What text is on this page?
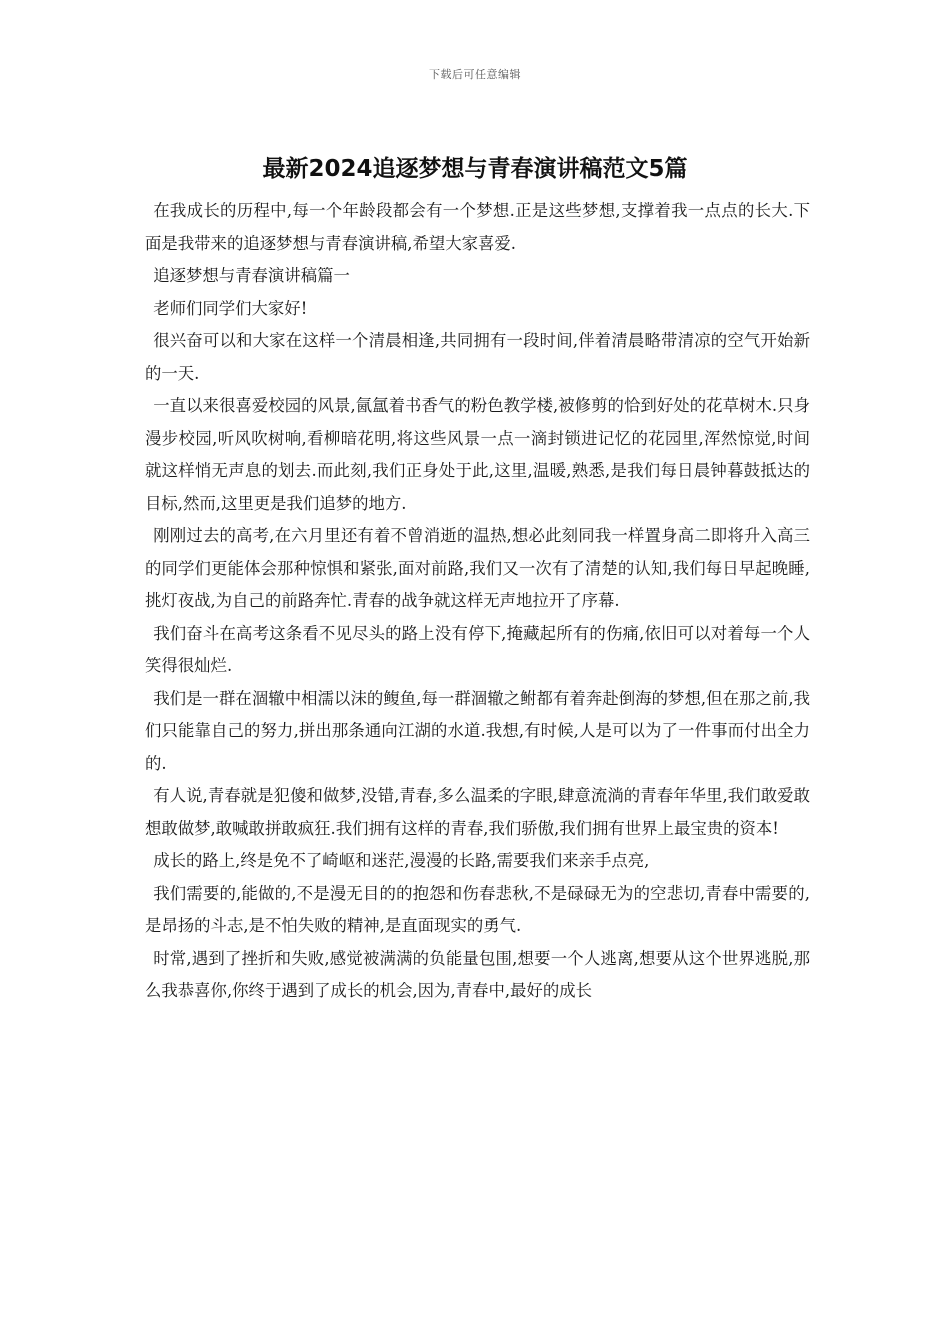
下载后可任意编辑
最新2024追逐梦想与青春演讲稿范文5篇

在我成长的历程中,每一个年龄段都会有一个梦想.正是这些梦想,支撑着我一点点的长大.下面是我带来的追逐梦想与青春演讲稿,希望大家喜爱.

追逐梦想与青春演讲稿篇一

老师们同学们大家好!

很兴奋可以和大家在这样一个清晨相逢,共同拥有一段时间,伴着清晨略带清凉的空气开始新的一天.

一直以来很喜爱校园的风景,氤氲着书香气的粉色教学楼,被修剪的恰到好处的花草树木.只身漫步校园,听风吹树响,看柳暗花明,将这些风景一点一滴封锁进记忆的花园里,浑然惊觉,时间就这样悄无声息的划去.而此刻,我们正身处于此,这里,温暖,熟悉,是我们每日晨钟暮鼓抵达的目标,然而,这里更是我们追梦的地方.

刚刚过去的高考,在六月里还有着不曾消逝的温热,想必此刻同我一样置身高二即将升入高三的同学们更能体会那种惊惧和紧张,面对前路,我们又一次有了清楚的认知,我们每日早起晚睡,挑灯夜战,为自己的前路奔忙.青春的战争就这样无声地拉开了序幕.

我们奋斗在高考这条看不见尽头的路上没有停下,掩藏起所有的伤痛,依旧可以对着每一个人笑得很灿烂.

我们是一群在涸辙中相濡以沫的鳆鱼,每一群涸辙之鲋都有着奔赴倒海的梦想,但在那之前,我们只能靠自己的努力,拼出那条通向江湖的水道.我想,有时候,人是可以为了一件事而付出全力的.

有人说,青春就是犯傻和做梦,没错,青春,多么温柔的字眼,肆意流淌的青春年华里,我们敢爱敢想敢做梦,敢喊敢拼敢疯狂.我们拥有这样的青春,我们骄傲,我们拥有世界上最宝贵的资本!

成长的路上,终是免不了崎岖和迷茫,漫漫的长路,需要我们来亲手点亮,

我们需要的,能做的,不是漫无目的的抱怨和伤春悲秋,不是碌碌无为的空悲切,青春中需要的,是昂扬的斗志,是不怕失败的精神,是直面现实的勇气.

时常,遇到了挫折和失败,感觉被满满的负能量包围,想要一个人逃离,想要从这个世界逃脱,那么我恭喜你,你终于遇到了成长的机会,因为,青春中,最好的成长
